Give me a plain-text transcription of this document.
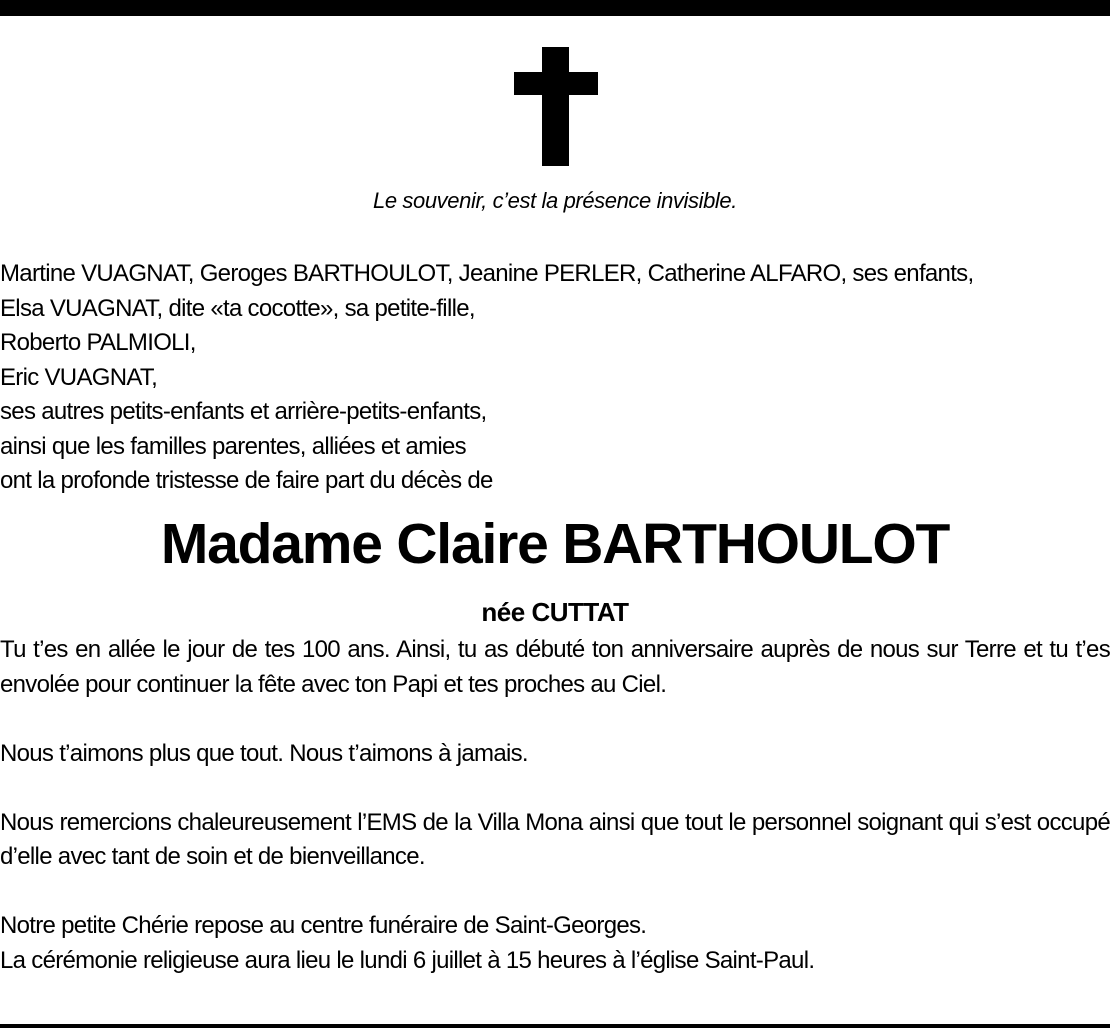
Le souvenir, c’est la présence invisible.
Martine VUAGNAT, Geroges BARTHOULOT, Jeanine PERLER, Catherine ALFARO, ses enfants,
Elsa VUAGNAT, dite «ta cocotte», sa petite-fille,
Roberto PALMIOLI,
Eric VUAGNAT,
ses autres petits-enfants et arrière-petits-enfants,
ainsi que les familles parentes, alliées et amies
ont la profonde tristesse de faire part du décès de
Madame Claire BARTHOULOT
née CUTTAT

Tu t’es en allée le jour de tes 100 ans. Ainsi, tu as débuté ton anniversaire auprès de nous sur Terre et tu t’es envolée pour continuer la fête avec ton Papi et tes proches au Ciel.

Nous t’aimons plus que tout. Nous t’aimons à jamais.

Nous remercions chaleureusement l’EMS de la Villa Mona ainsi que tout le personnel soignant qui s’est occupé d’elle avec tant de soin et de bienveillance.

Notre petite Chérie repose au centre funéraire de Saint-Georges.
La cérémonie religieuse aura lieu le lundi 6 juillet à 15 heures à l’église Saint-Paul.
